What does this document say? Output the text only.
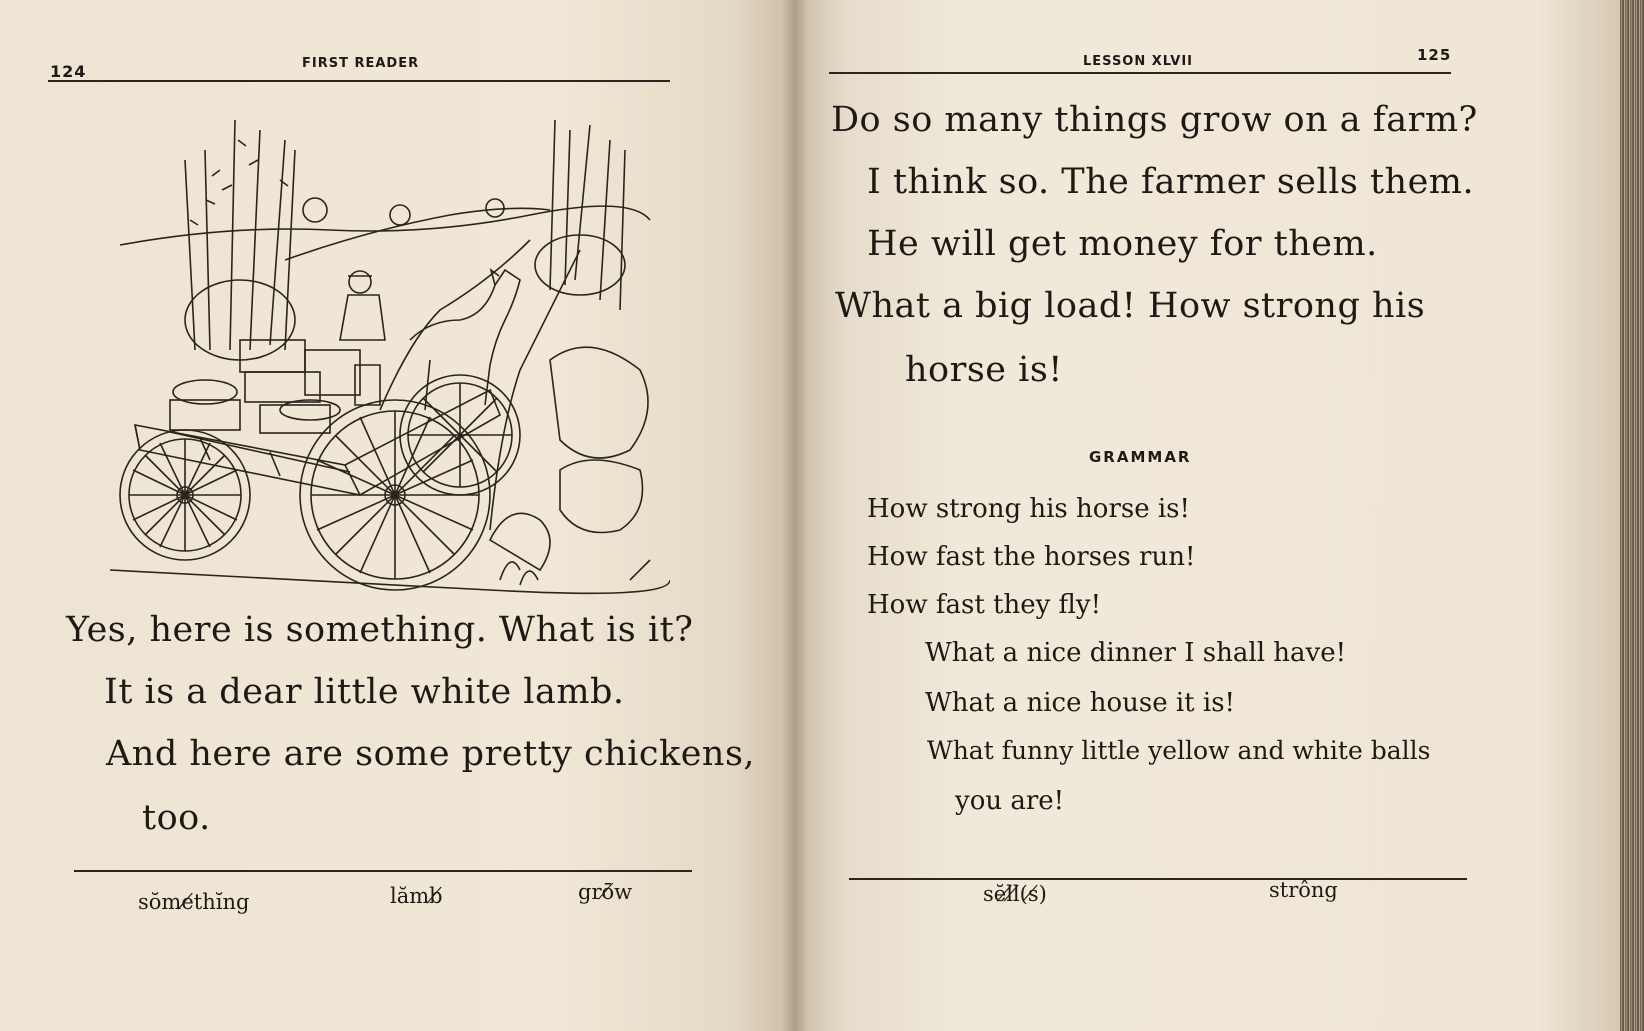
124	FIRST READER
Yes, here is something. What is it?
It is a dear little white lamb.
And here are some pretty chickens,
too.
sŏme̸thĭng	lămb̸	grō̸w
LESSON XLVII	125
Do so many things grow on a farm?
I think so. The farmer sells them.
He will get money for them.
What a big load! How strong his
horse is!
GRAMMAR
How strong his horse is!
How fast the horses run!
How fast they fly!
What a nice dinner I shall have!
What a nice house it is!
What funny little yellow and white balls
you are!
sĕl̸l̸(s̸)	strông
